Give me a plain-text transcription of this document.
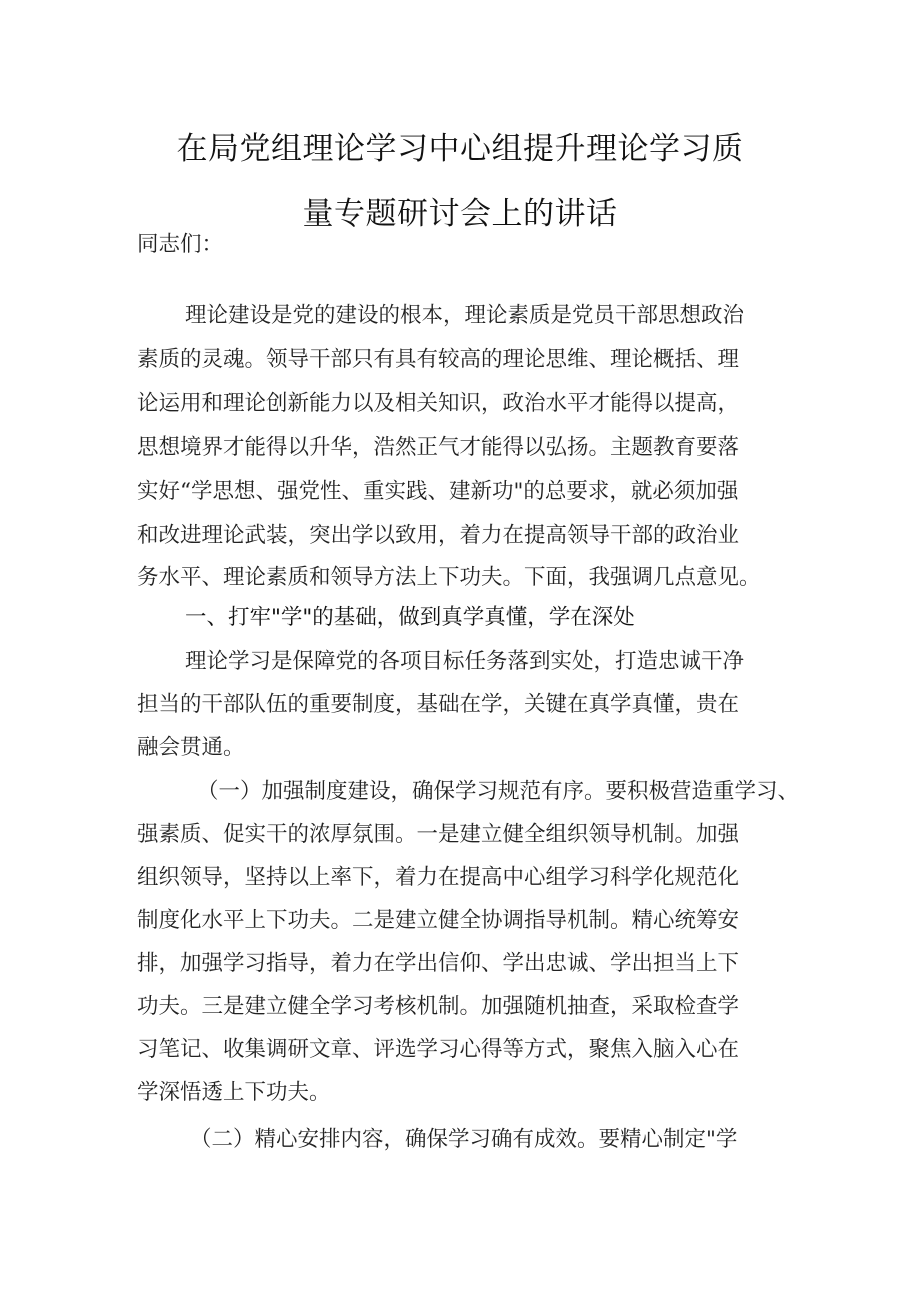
在局党组理论学习中心组提升理论学习质
量专题研讨会上的讲话

同志们：

理论建设是党的建设的根本，理论素质是党员干部思想政治

素质的灵魂。领导干部只有具有较高的理论思维、理论概括、理

论运用和理论创新能力以及相关知识，政治水平才能得以提高，

思想境界才能得以升华，浩然正气才能得以弘扬。主题教育要落

实好“学思想、强党性、重实践、建新功"的总要求，就必须加强

和改进理论武装，突出学以致用，着力在提高领导干部的政治业

务水平、理论素质和领导方法上下功夫。下面，我强调几点意见。

一、打牢"学"的基础，做到真学真懂，学在深处

理论学习是保障党的各项目标任务落到实处，打造忠诚干净

担当的干部队伍的重要制度，基础在学，关键在真学真懂，贵在

融会贯通。

（一）加强制度建设，确保学习规范有序。要积极营造重学习、

强素质、促实干的浓厚氛围。一是建立健全组织领导机制。加强

组织领导，坚持以上率下，着力在提高中心组学习科学化规范化

制度化水平上下功夫。二是建立健全协调指导机制。精心统筹安

排，加强学习指导，着力在学出信仰、学出忠诚、学出担当上下

功夫。三是建立健全学习考核机制。加强随机抽查，采取检查学

习笔记、收集调研文章、评选学习心得等方式，聚焦入脑入心在

学深悟透上下功夫。

（二）精心安排内容，确保学习确有成效。要精心制定"学
